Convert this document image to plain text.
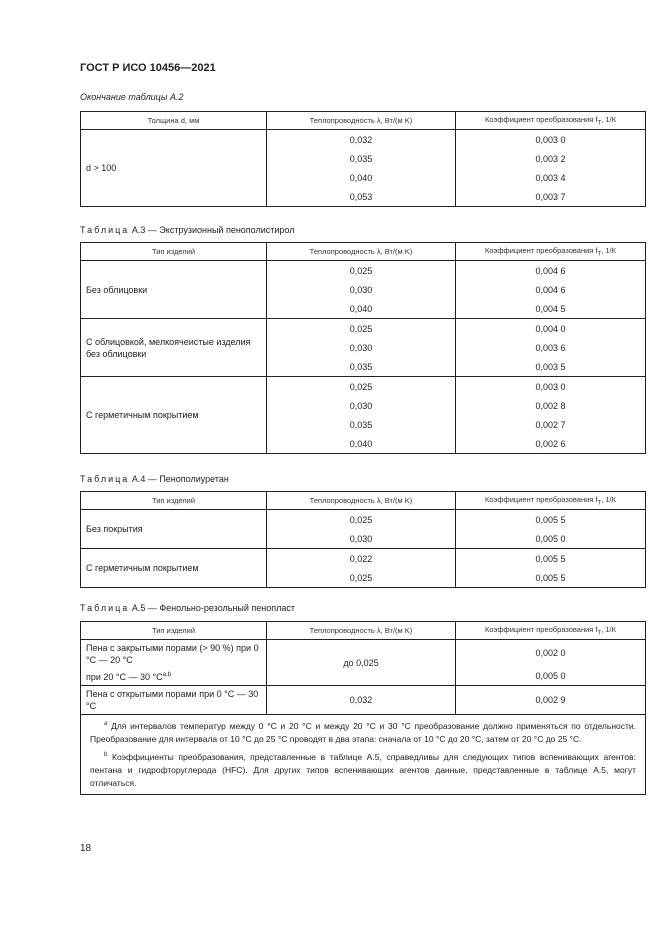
ГОСТ Р ИСО 10456—2021
Окончание таблицы А.2
Толщина d, мм	Теплопроводность λ, Вт/(м K)	Коэффициент преобразования $f_T$, 1/К
d > 100	0,032	0,003 0
	0,035	0,003 2
	0,040	0,003 4
	0,053	0,003 7
Таблица А.3 — Экструзионный пенополистирол
Тип изделий	Теплопроводность λ, Вт/(м K)	Коэффициент преобразования $f_T$, 1/К
Без облицовки	0,025	0,004 6
	0,030	0,004 6
	0,040	0,004 5
С облицовкой, мелкоячеистые изделия без облицовки	0,025	0,004 0
	0,030	0,003 6
	0,035	0,003 5
С герметичным покрытием	0,025	0,003 0
	0,030	0,002 8
	0,035	0,002 7
	0,040	0,002 6
Таблица А.4 — Пенополиуретан
Тип изделий	Теплопроводность λ, Вт/(м K)	Коэффициент преобразования $f_T$, 1/К
Без покрытия	0,025	0,005 5
	0,030	0,005 0
С герметичным покрытием	0,022	0,005 5
	0,025	0,005 5
Таблица А.5 — Фенольно-резольный пенопласт
Тип изделий	Теплопроводность λ, Вт/(м K)	Коэффициент преобразования $f_T$, 1/К
Пена с закрытыми порами (> 90 %) при 0 °С — 20 °С	до 0,025	0,002 0
при 20 °С — 30 $^\circ С^{a,b}$		0,005 0
Пена с открытыми порами при 0 °С — 30 °С	0,032	0,002 9

$^a$ Для интервалов температур между 0 °С и 20 °С и между 20 °С и 30 °С преобразование должно применяться по отдельности. Преобразование для интервала от 10 °С до 25 °С проводят в два этапа: сначала от 10 °С до 20 °С, затем от 20 °С до 25 °С.

$^b$ Коэффициенты преобразования, представленные в таблице А.5, справедливы для следующих типов вспенивающих агентов: пентана и гидрофторуглерода (HFC). Для других типов вспенивающих агентов данные, представленные в таблице А.5, могут отличаться.		

18
